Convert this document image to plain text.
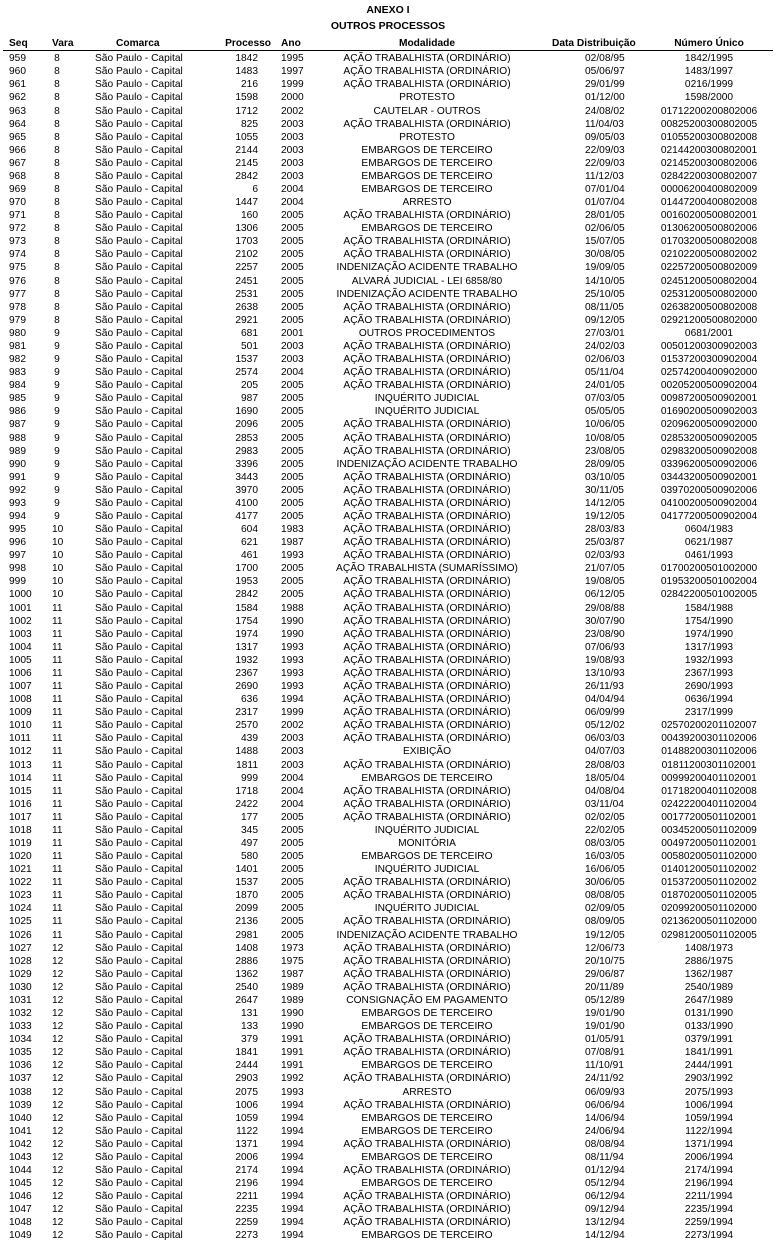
ANEXO I
OUTROS PROCESSOS
Seq Vara	Comarca	Processo Ano	Modalidade	Data Distribuição	Número Único
959	8	São Paulo - Capital	1842 1995	AÇÃO TRABALHISTA (ORDINÁRIO)	02/08/95	1842/1995
960	8	São Paulo - Capital	1483 1997	AÇÃO TRABALHISTA (ORDINÁRIO)	05/06/97	1483/1997
961	8	São Paulo - Capital	216 1999	AÇÃO TRABALHISTA (ORDINÁRIO)	29/01/99	0216/1999
962	8	São Paulo - Capital	1598 2000	PROTESTO	01/12/00	1598/2000
963	8	São Paulo - Capital	1712 2002	CAUTELAR - OUTROS	24/08/02	01712200200802006
964	8	São Paulo - Capital	825 2003	AÇÃO TRABALHISTA (ORDINÁRIO)	11/04/03	00825200300802005
965	8	São Paulo - Capital	1055 2003	PROTESTO	09/05/03	01055200300802008
966	8	São Paulo - Capital	2144 2003	EMBARGOS DE TERCEIRO	22/09/03	02144200300802001
967	8	São Paulo - Capital	2145 2003	EMBARGOS DE TERCEIRO	22/09/03	02145200300802006
968	8	São Paulo - Capital	2842 2003	EMBARGOS DE TERCEIRO	11/12/03	02842200300802007
969	8	São Paulo - Capital	6 2004	EMBARGOS DE TERCEIRO	07/01/04	00006200400802009
970	8	São Paulo - Capital	1447 2004	ARRESTO	01/07/04	01447200400802008
971	8	São Paulo - Capital	160 2005	AÇÃO TRABALHISTA (ORDINÁRIO)	28/01/05	00160200500802001
972	8	São Paulo - Capital	1306 2005	EMBARGOS DE TERCEIRO	02/06/05	01306200500802006
973	8	São Paulo - Capital	1703 2005	AÇÃO TRABALHISTA (ORDINÁRIO)	15/07/05	01703200500802008
974	8	São Paulo - Capital	2102 2005	AÇÃO TRABALHISTA (ORDINÁRIO)	30/08/05	02102200500802002
975	8	São Paulo - Capital	2257 2005	INDENIZAÇÃO ACIDENTE TRABALHO	19/09/05	02257200500802009
976	8	São Paulo - Capital	2451 2005	ALVARÁ JUDICIAL - LEI 6858/80	14/10/05	02451200500802004
977	8	São Paulo - Capital	2531 2005	INDENIZAÇÃO ACIDENTE TRABALHO	25/10/05	02531200500802000
978	8	São Paulo - Capital	2638 2005	AÇÃO TRABALHISTA (ORDINÁRIO)	08/11/05	02638200500802008
979	8	São Paulo - Capital	2921 2005	AÇÃO TRABALHISTA (ORDINÁRIO)	09/12/05	02921200500802000
980	9	São Paulo - Capital	681 2001	OUTROS PROCEDIMENTOS	27/03/01	0681/2001
981	9	São Paulo - Capital	501 2003	AÇÃO TRABALHISTA (ORDINÁRIO)	24/02/03	00501200300902003
982	9	São Paulo - Capital	1537 2003	AÇÃO TRABALHISTA (ORDINÁRIO)	02/06/03	01537200300902004
983	9	São Paulo - Capital	2574 2004	AÇÃO TRABALHISTA (ORDINÁRIO)	05/11/04	02574200400902000
984	9	São Paulo - Capital	205 2005	AÇÃO TRABALHISTA (ORDINÁRIO)	24/01/05	00205200500902004
985	9	São Paulo - Capital	987 2005	INQUÉRITO JUDICIAL	07/03/05	00987200500902001
986	9	São Paulo - Capital	1690 2005	INQUÉRITO JUDICIAL	05/05/05	01690200500902003
987	9	São Paulo - Capital	2096 2005	AÇÃO TRABALHISTA (ORDINÁRIO)	10/06/05	02096200500902000
988	9	São Paulo - Capital	2853 2005	AÇÃO TRABALHISTA (ORDINÁRIO)	10/08/05	02853200500902005
989	9	São Paulo - Capital	2983 2005	AÇÃO TRABALHISTA (ORDINÁRIO)	23/08/05	02983200500902008
990	9	São Paulo - Capital	3396 2005	INDENIZAÇÃO ACIDENTE TRABALHO	28/09/05	03396200500902006
991	9	São Paulo - Capital	3443 2005	AÇÃO TRABALHISTA (ORDINÁRIO)	03/10/05	03443200500902001
992	9	São Paulo - Capital	3970 2005	AÇÃO TRABALHISTA (ORDINÁRIO)	30/11/05	03970200500902006
993	9	São Paulo - Capital	4100 2005	AÇÃO TRABALHISTA (ORDINÁRIO)	14/12/05	04100200500902004
994	9	São Paulo - Capital	4177 2005	AÇÃO TRABALHISTA (ORDINÁRIO)	19/12/05	04177200500902004
995	10	São Paulo - Capital	604 1983	AÇÃO TRABALHISTA (ORDINÁRIO)	28/03/83	0604/1983
996	10	São Paulo - Capital	621 1987	AÇÃO TRABALHISTA (ORDINÁRIO)	25/03/87	0621/1987
997	10	São Paulo - Capital	461 1993	AÇÃO TRABALHISTA (ORDINÁRIO)	02/03/93	0461/1993
998	10	São Paulo - Capital	1700 2005	AÇÃO TRABALHISTA (SUMARÍSSIMO)	21/07/05	01700200501002000
999	10	São Paulo - Capital	1953 2005	AÇÃO TRABALHISTA (ORDINÁRIO)	19/08/05	01953200501002004
1000 10	São Paulo - Capital	2842 2005	AÇÃO TRABALHISTA (ORDINÁRIO)	06/12/05	02842200501002005
1001 11	São Paulo - Capital	1584 1988	AÇÃO TRABALHISTA (ORDINÁRIO)	29/08/88	1584/1988
1002 11	São Paulo - Capital	1754 1990	AÇÃO TRABALHISTA (ORDINÁRIO)	30/07/90	1754/1990
1003 11	São Paulo - Capital	1974 1990	AÇÃO TRABALHISTA (ORDINÁRIO)	23/08/90	1974/1990
1004 11	São Paulo - Capital	1317 1993	AÇÃO TRABALHISTA (ORDINÁRIO)	07/06/93	1317/1993
1005 11	São Paulo - Capital	1932 1993	AÇÃO TRABALHISTA (ORDINÁRIO)	19/08/93	1932/1993
1006 11	São Paulo - Capital	2367 1993	AÇÃO TRABALHISTA (ORDINÁRIO)	13/10/93	2367/1993
1007 11	São Paulo - Capital	2690 1993	AÇÃO TRABALHISTA (ORDINÁRIO)	26/11/93	2690/1993
1008 11	São Paulo - Capital	636 1994	AÇÃO TRABALHISTA (ORDINÁRIO)	04/04/94	0636/1994
1009 11	São Paulo - Capital	2317 1999	AÇÃO TRABALHISTA (ORDINÁRIO)	06/09/99	2317/1999
1010 11	São Paulo - Capital	2570 2002	AÇÃO TRABALHISTA (ORDINÁRIO)	05/12/02	02570200201102007
1011 11	São Paulo - Capital	439 2003	AÇÃO TRABALHISTA (ORDINÁRIO)	06/03/03	00439200301102006
1012 11	São Paulo - Capital	1488 2003	EXIBIÇÃO	04/07/03	01488200301102006
1013 11	São Paulo - Capital	1811 2003	AÇÃO TRABALHISTA (ORDINÁRIO)	28/08/03	01811200301102001
1014 11	São Paulo - Capital	999 2004	EMBARGOS DE TERCEIRO	18/05/04	00999200401102001
1015 11	São Paulo - Capital	1718 2004	AÇÃO TRABALHISTA (ORDINÁRIO)	04/08/04	01718200401102008
1016 11	São Paulo - Capital	2422 2004	AÇÃO TRABALHISTA (ORDINÁRIO)	03/11/04	02422200401102004
1017 11	São Paulo - Capital	177 2005	AÇÃO TRABALHISTA (ORDINÁRIO)	02/02/05	00177200501102001
1018 11	São Paulo - Capital	345 2005	INQUÉRITO JUDICIAL	22/02/05	00345200501102009
1019 11	São Paulo - Capital	497 2005	MONITÓRIA	08/03/05	00497200501102001
1020 11	São Paulo - Capital	580 2005	EMBARGOS DE TERCEIRO	16/03/05	00580200501102000
1021 11	São Paulo - Capital	1401 2005	INQUÉRITO JUDICIAL	16/06/05	01401200501102002
1022 11	São Paulo - Capital	1537 2005	AÇÃO TRABALHISTA (ORDINÁRIO)	30/06/05	01537200501102002
1023 11	São Paulo - Capital	1870 2005	AÇÃO TRABALHISTA (ORDINÁRIO)	08/08/05	01870200501102005
1024 11	São Paulo - Capital	2099 2005	INQUÉRITO JUDICIAL	02/09/05	02099200501102000
1025 11	São Paulo - Capital	2136 2005	AÇÃO TRABALHISTA (ORDINÁRIO)	08/09/05	02136200501102000
1026 11	São Paulo - Capital	2981 2005	INDENIZAÇÃO ACIDENTE TRABALHO	19/12/05	02981200501102005
1027 12	São Paulo - Capital	1408 1973	AÇÃO TRABALHISTA (ORDINÁRIO)	12/06/73	1408/1973
1028 12	São Paulo - Capital	2886 1975	AÇÃO TRABALHISTA (ORDINÁRIO)	20/10/75	2886/1975
1029 12	São Paulo - Capital	1362 1987	AÇÃO TRABALHISTA (ORDINÁRIO)	29/06/87	1362/1987
1030 12	São Paulo - Capital	2540 1989	AÇÃO TRABALHISTA (ORDINÁRIO)	20/11/89	2540/1989
1031 12	São Paulo - Capital	2647 1989	CONSIGNAÇÃO EM PAGAMENTO	05/12/89	2647/1989
1032 12	São Paulo - Capital	131 1990	EMBARGOS DE TERCEIRO	19/01/90	0131/1990
1033 12	São Paulo - Capital	133 1990	EMBARGOS DE TERCEIRO	19/01/90	0133/1990
1034 12	São Paulo - Capital	379 1991	AÇÃO TRABALHISTA (ORDINÁRIO)	01/05/91	0379/1991
1035 12	São Paulo - Capital	1841 1991	AÇÃO TRABALHISTA (ORDINÁRIO)	07/08/91	1841/1991
1036 12	São Paulo - Capital	2444 1991	EMBARGOS DE TERCEIRO	11/10/91	2444/1991
1037 12	São Paulo - Capital	2903 1992	AÇÃO TRABALHISTA (ORDINÁRIO)	24/11/92	2903/1992
1038 12	São Paulo - Capital	2075 1993	ARRESTO	06/09/93	2075/1993
1039 12	São Paulo - Capital	1006 1994	AÇÃO TRABALHISTA (ORDINÁRIO)	06/06/94	1006/1994
1040 12	São Paulo - Capital	1059 1994	EMBARGOS DE TERCEIRO	14/06/94	1059/1994
1041 12	São Paulo - Capital	1122 1994	EMBARGOS DE TERCEIRO	24/06/94	1122/1994
1042 12	São Paulo - Capital	1371 1994	AÇÃO TRABALHISTA (ORDINÁRIO)	08/08/94	1371/1994
1043 12	São Paulo - Capital	2006 1994	EMBARGOS DE TERCEIRO	08/11/94	2006/1994
1044 12	São Paulo - Capital	2174 1994	AÇÃO TRABALHISTA (ORDINÁRIO)	01/12/94	2174/1994
1045 12	São Paulo - Capital	2196 1994	EMBARGOS DE TERCEIRO	05/12/94	2196/1994
1046 12	São Paulo - Capital	2211 1994	AÇÃO TRABALHISTA (ORDINÁRIO)	06/12/94	2211/1994
1047 12	São Paulo - Capital	2235 1994	AÇÃO TRABALHISTA (ORDINÁRIO)	09/12/94	2235/1994
1048 12	São Paulo - Capital	2259 1994	AÇÃO TRABALHISTA (ORDINÁRIO)	13/12/94	2259/1994
1049 12	São Paulo - Capital	2273 1994	EMBARGOS DE TERCEIRO	14/12/94	2273/1994
